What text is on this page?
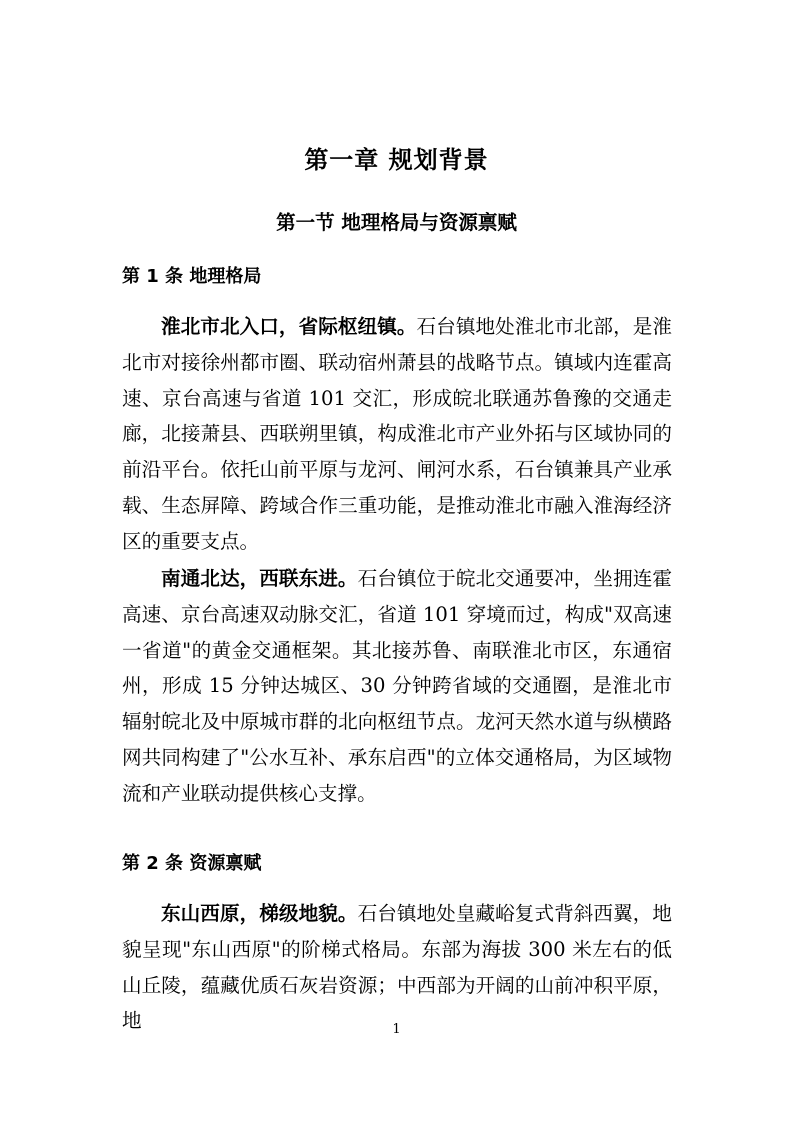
第一章 规划背景
第一节 地理格局与资源禀赋
第 1 条 地理格局

淮北市北入口，省际枢纽镇。石台镇地处淮北市北部，是淮北市对接徐州都市圈、联动宿州萧县的战略节点。镇域内连霍高速、京台高速与省道 101 交汇，形成皖北联通苏鲁豫的交通走廊，北接萧县、西联朔里镇，构成淮北市产业外拓与区域协同的前沿平台。依托山前平原与龙河、闸河水系，石台镇兼具产业承载、生态屏障、跨域合作三重功能，是推动淮北市融入淮海经济区的重要支点。

南通北达，西联东进。石台镇位于皖北交通要冲，坐拥连霍高速、京台高速双动脉交汇，省道 101 穿境而过，构成"双高速一省道"的黄金交通框架。其北接苏鲁、南联淮北市区，东通宿州，形成 15 分钟达城区、30 分钟跨省域的交通圈，是淮北市辐射皖北及中原城市群的北向枢纽节点。龙河天然水道与纵横路网共同构建了"公水互补、承东启西"的立体交通格局，为区域物流和产业联动提供核心支撑。

第 2 条 资源禀赋

东山西原，梯级地貌。石台镇地处皇藏峪复式背斜西翼，地貌呈现"东山西原"的阶梯式格局。东部为海拔 300 米左右的低山丘陵，蕴藏优质石灰岩资源；中西部为开阔的山前冲积平原，地	1
